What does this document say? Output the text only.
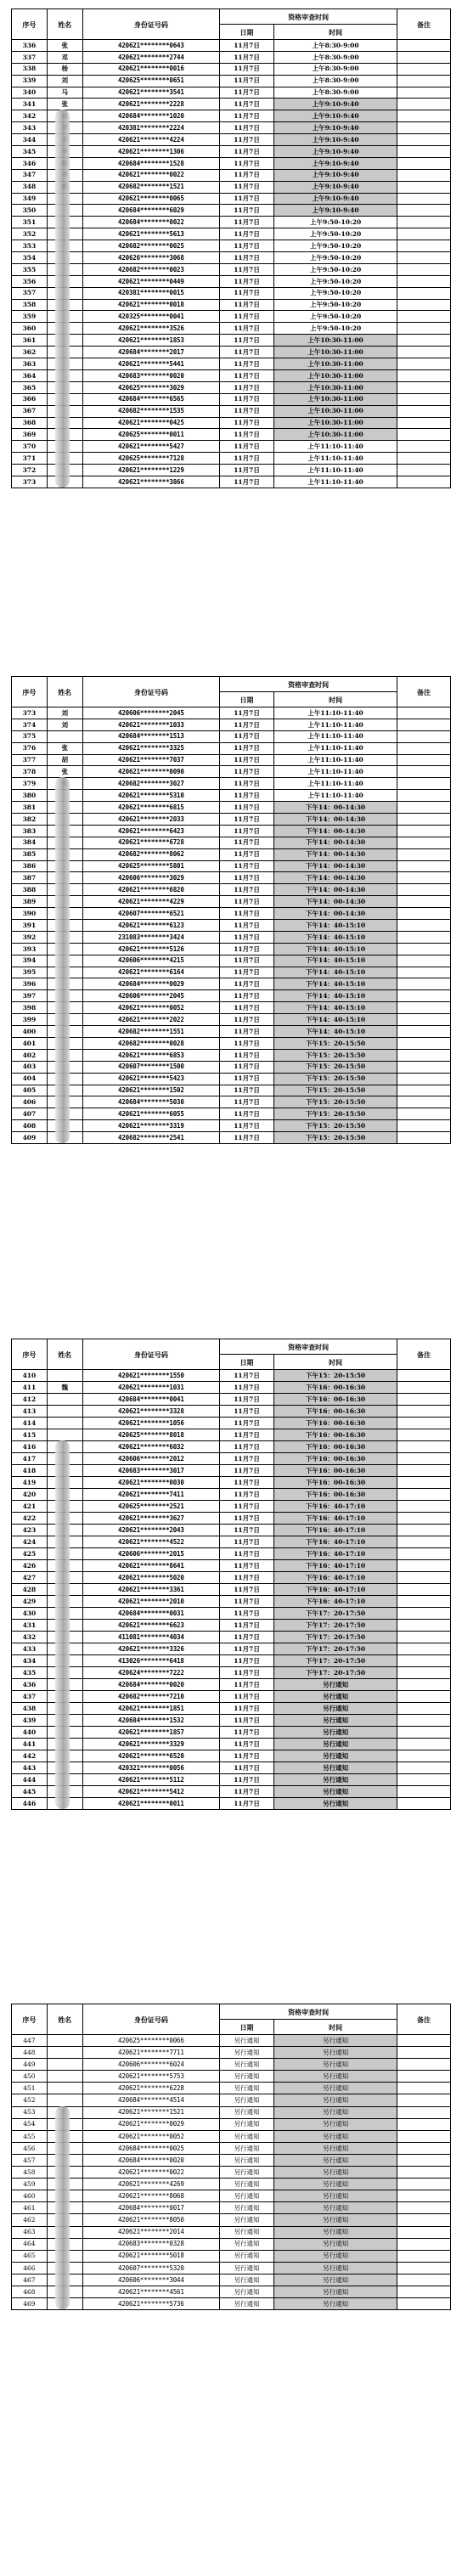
序号	姓名	身份证号码	资格审查时间		备注
			日期	时间	
336	张	420621********0643	11月7日	上午8:30-9:00	
337	邓	420621********2744	11月7日	上午8:30-9:00	
338	杨	420621********0016	11月7日	上午8:30-9:00	
339	刘	420625********0651	11月7日	上午8:30-9:00	
340	马	420621********3541	11月7日	上午8:30-9:00	
341	张	420621********2228	11月7日	上午9:10-9:40	
342		420684********1020	11月7日	上午9:10-9:40	
343		420381********2224	11月7日	上午9:10-9:40	
344		420621********4224	11月7日	上午9:10-9:40	
345		420621********1306	11月7日	上午9:10-9:40	
346		420684********1528	11月7日	上午9:10-9:40	
347		420621********0022	11月7日	上午9:10-9:40	
348		420682********1521	11月7日	上午9:10-9:40	
349		420621********0065	11月7日	上午9:10-9:40	
350		420684********6029	11月7日	上午9:10-9:40	
351		420684********0022	11月7日	上午9:50-10:20	
352		420621********5613	11月7日	上午9:50-10:20	
353		420682********0025	11月7日	上午9:50-10:20	
354		420626********3068	11月7日	上午9:50-10:20	
355		420682********0023	11月7日	上午9:50-10:20	
356		420621********0449	11月7日	上午9:50-10:20	
357		420381********0015	11月7日	上午9:50-10:20	
358		420621********0018	11月7日	上午9:50-10:20	
359		420325********0041	11月7日	上午9:50-10:20	
360		420621********3526	11月7日	上午9:50-10:20	
361		420621********1853	11月7日	上午10:30-11:00	
362		420684********2017	11月7日	上午10:30-11:00	
363		420621********5441	11月7日	上午10:30-11:00	
364		420683********0020	11月7日	上午10:30-11:00	
365		420625********3029	11月7日	上午10:30-11:00	
366		420684********6565	11月7日	上午10:30-11:00	
367		420682********1535	11月7日	上午10:30-11:00	
368		420621********0425	11月7日	上午10:30-11:00	
369		420625********0011	11月7日	上午10:30-11:00	
370		420621********5427	11月7日	上午11:10-11:40	
371		420625********7128	11月7日	上午11:10-11:40	
372		420621********1229	11月7日	上午11:10-11:40	
373		420621********3866	11月7日	上午11:10-11:40	
序号	姓名	身份证号码	资格审查时间		备注
			日期	时间	
373	刘	420606********2045	11月7日	上午11:10-11:40	
374	刘	420621********1033	11月7日	上午11:10-11:40	
375		420684********1513	11月7日	上午11:10-11:40	
376	张	420621********3325	11月7日	上午11:10-11:40	
377	胡	420621********7037	11月7日	上午11:10-11:40	
378	张	420621********0090	11月7日	上午11:10-11:40	
379		420682********3027	11月7日	上午11:10-11:40	
380		420621********5310	11月7日	上午11:10-11:40	
381		420621********6815	11月7日	下午14：00-14:30	
382		420621********2033	11月7日	下午14：00-14:30	
383		420621********6423	11月7日	下午14：00-14:30	
384		420621********6728	11月7日	下午14：00-14:30	
385		420682********8062	11月7日	下午14：00-14:30	
386		420625********5801	11月7日	下午14：00-14:30	
387		420606********3029	11月7日	下午14：00-14:30	
388		420621********6820	11月7日	下午14：00-14:30	
389		420621********4229	11月7日	下午14：00-14:30	
390		420607********6521	11月7日	下午14：00-14:30	
391		420621********6123	11月7日	下午14：40-15:10	
392		231083********3424	11月7日	下午14：40-15:10	
393		420621********5126	11月7日	下午14：40-15:10	
394		420606********4215	11月7日	下午14：40-15:10	
395		420621********6164	11月7日	下午14：40-15:10	
396		420684********0029	11月7日	下午14：40-15:10	
397		420606********2045	11月7日	下午14：40-15:10	
398		420621********0052	11月7日	下午14：40-15:10	
399		420621********2022	11月7日	下午14：40-15:10	
400		420682********1551	11月7日	下午14：40-15:10	
401		420682********0028	11月7日	下午15：20-15:50	
402		420621********6853	11月7日	下午15：20-15:50	
403		420607********1500	11月7日	下午15：20-15:50	
404		420621********5423	11月7日	下午15：20-15:50	
405		420621********1502	11月7日	下午15：20-15:50	
406		420684********5030	11月7日	下午15：20-15:50	
407		420621********6055	11月7日	下午15：20-15:50	
408		420621********3319	11月7日	下午15：20-15:50	
409		420682********2541	11月7日	下午15：20-15:50	
序号	姓名	身份证号码	资格审查时间		备注
			日期	时间	
410		420621********1550	11月7日	下午15：20-15:50	
411	魏	420621********1031	11月7日	下午16：00-16:30	
412		420684********0041	11月7日	下午16：00-16:30	
413		420621********3328	11月7日	下午16：00-16:30	
414		420621********1056	11月7日	下午16：00-16:30	
415		420625********8018	11月7日	下午16：00-16:30	
416		420621********6032	11月7日	下午16：00-16:30	
417		420606********2012	11月7日	下午16：00-16:30	
418		420683********3017	11月7日	下午16：00-16:30	
419		420621********0030	11月7日	下午16：00-16:30	
420		420621********7411	11月7日	下午16：00-16:30	
421		420625********2521	11月7日	下午16：40-17:10	
422		420621********3627	11月7日	下午16：40-17:10	
423		420621********2043	11月7日	下午16：40-17:10	
424		420621********4522	11月7日	下午16：40-17:10	
425		420606********2015	11月7日	下午16：40-17:10	
426		420621********8641	11月7日	下午16：40-17:10	
427		420621********5020	11月7日	下午16：40-17:10	
428		420621********3361	11月7日	下午16：40-17:10	
429		420621********2010	11月7日	下午16：40-17:10	
430		420684********0031	11月7日	下午17：20-17:50	
431		420621********6623	11月7日	下午17：20-17:50	
432		411081********4034	11月7日	下午17：20-17:50	
433		420621********3326	11月7日	下午17：20-17:50	
434		413026********6418	11月7日	下午17：20-17:50	
435		420624********7222	11月7日	下午17：20-17:50	
436		420684********0020	11月7日	另行通知	
437		420682********7210	11月7日	另行通知	
438		420621********1851	11月7日	另行通知	
439		420684********1532	11月7日	另行通知	
440		420621********1857	11月7日	另行通知	
441		420621********3329	11月7日	另行通知	
442		420621********6520	11月7日	另行通知	
443		420321********0056	11月7日	另行通知	
444		420621********5112	11月7日	另行通知	
445		420621********5412	11月7日	另行通知	
446		420621********0011	11月7日	另行通知	
序号	姓名	身份证号码	资格审查时间		备注
			日期	时间	
447		420625********0066	另行通知	另行通知	
448		420621********7711	另行通知	另行通知	
449		420606********6024	另行通知	另行通知	
450		420621********5753	另行通知	另行通知	
451		420621********6228	另行通知	另行通知	
452		420684********4514	另行通知	另行通知	
453		420621********1521	另行通知	另行通知	
454		420621********0029	另行通知	另行通知	
455		420621********0052	另行通知	另行通知	
456		420684********0025	另行通知	另行通知	
457		420684********0020	另行通知	另行通知	
458		420621********0022	另行通知	另行通知	
459		420621********4269	另行通知	另行通知	
460		420621********8068	另行通知	另行通知	
461		420684********0017	另行通知	另行通知	
462		420621********8050	另行通知	另行通知	
463		420621********2014	另行通知	另行通知	
464		420683********0328	另行通知	另行通知	
465		420621********5018	另行通知	另行通知	
466		420607********5320	另行通知	另行通知	
467		420606********3044	另行通知	另行通知	
468		420621********4561	另行通知	另行通知	
469		420621********5736	另行通知	另行通知	
